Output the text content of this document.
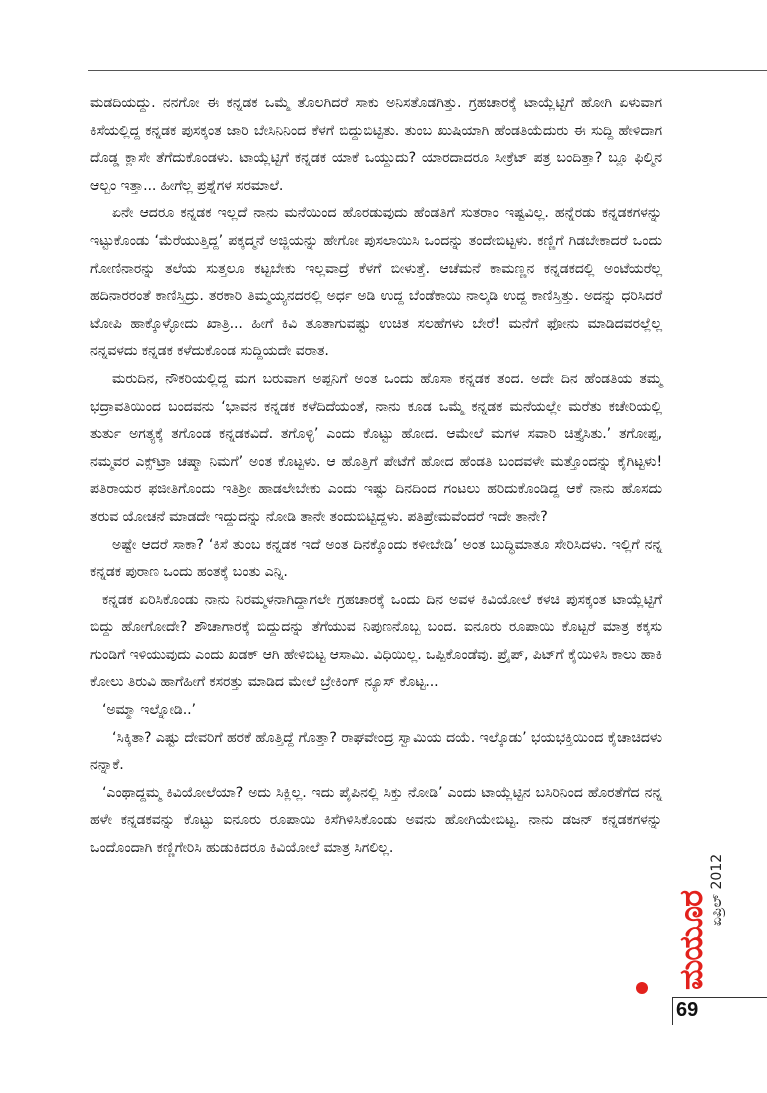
ಮಡದಿಯದ್ದು. ನನಗೋ ಈ ಕನ್ನಡಕ ಒಮ್ಮೆ ತೊಲಗಿದರೆ ಸಾಕು ಅನಿಸತೊಡಗಿತ್ತು. ಗ್ರಹಚಾರಕ್ಕೆ ಟಾಯ್ಲೆಟ್ಟಿಗೆ ಹೋಗಿ ಏಳುವಾಗ ಕಿಸೆಯಲ್ಲಿದ್ದ ಕನ್ನಡಕ ಪುಸಕ್ಕಂತ ಜಾರಿ ಬೇಸಿನಿನಿಂದ ಕೆಳಗೆ ಬಿದ್ದುಬಿಟ್ಟಿತು. ತುಂಬ ಖುಷಿಯಾಗಿ ಹೆಂಡತಿಯೆದುರು ಈ ಸುದ್ದಿ ಹೇಳಿದಾಗ ದೊಡ್ಡ ಕ್ಲಾಸೇ ತೆಗೆದುಕೊಂಡಳು. ಟಾಯ್ಲೆಟ್ಟಿಗೆ ಕನ್ನಡಕ ಯಾಕೆ ಒಯ್ದುದು? ಯಾರದಾದರೂ ಸೀಕ್ರೆಟ್ ಪತ್ರ ಬಂದಿತ್ತಾ? ಬ್ಲೂ ಫಿಲ್ಮಿನ ಆಲ್ಬಂ ಇತ್ತಾ... ಹೀಗೆಲ್ಲ ಪ್ರಶ್ನೆಗಳ ಸರಮಾಲೆ.

ಏನೇ ಆದರೂ ಕನ್ನಡಕ ಇಲ್ಲದೆ ನಾನು ಮನೆಯಿಂದ ಹೊರಡುವುದು ಹೆಂಡತಿಗೆ ಸುತರಾಂ ಇಷ್ಟವಿಲ್ಲ. ಹನ್ನೆರಡು ಕನ್ನಡಕಗಳನ್ನು ಇಟ್ಟುಕೊಂಡು ‘ಮೆರೆಯುತ್ತಿದ್ದ’ ಪಕ್ಕದ್ಮನೆ ಅಜ್ಜಿಯನ್ನು ಹೇಗೋ ಪುಸಲಾಯಿಸಿ ಒಂದನ್ನು ತಂದೇಬಿಟ್ಟಳು. ಕಣ್ಣಿಗೆ ಗಿಡಬೇಕಾದರೆ ಒಂದು ಗೋಣಿನಾರನ್ನು ತಲೆಯ ಸುತ್ತಲೂ ಕಟ್ಟಬೇಕು ಇಲ್ಲವಾದ್ರೆ ಕೆಳಗೆ ಬೀಳುತ್ತೆ. ಆಚೆಮನೆ ಕಾಮಣ್ಣನ ಕನ್ನಡಕದಲ್ಲಿ ಅಂಟೆಯರೆಲ್ಲ ಹದಿನಾರರಂತೆ ಕಾಣಿಸ್ತಿದ್ರು. ತರಕಾರಿ ತಿಮ್ಮಯ್ಯನದರಲ್ಲಿ ಅರ್ಧ ಅಡಿ ಉದ್ದ ಬೆಂಡೆಕಾಯಿ ನಾಲ್ಕಡಿ ಉದ್ದ ಕಾಣಿಸ್ತಿತ್ತು. ಅದನ್ನು ಧರಿಸಿದರೆ ಟೋಪಿ ಹಾಕ್ಕೊಳ್ಳೋದು ಖಾತ್ರಿ... ಹೀಗೆ ಕಿವಿ ತೂತಾಗುವಷ್ಟು ಉಚಿತ ಸಲಹೆಗಳು ಬೇರೆ! ಮನೆಗೆ ಫೋನು ಮಾಡಿದವರಲ್ಲೆಲ್ಲ ನನ್ನವಳದು ಕನ್ನಡಕ ಕಳೆದುಕೊಂಡ ಸುದ್ದಿಯದೇ ವರಾತ.

ಮರುದಿನ, ನೌಕರಿಯಲ್ಲಿದ್ದ ಮಗ ಬರುವಾಗ ಅಪ್ಪನಿಗೆ ಅಂತ ಒಂದು ಹೊಸಾ ಕನ್ನಡಕ ತಂದ. ಅದೇ ದಿನ ಹೆಂಡತಿಯ ತಮ್ಮ ಭದ್ರಾವತಿಯಿಂದ ಬಂದವನು ‘ಭಾವನ ಕನ್ನಡಕ ಕಳೆದಿದೆಯಂತೆ, ನಾನು ಕೂಡ ಒಮ್ಮೆ ಕನ್ನಡಕ ಮನೆಯಲ್ಲೇ ಮರೆತು ಕಚೇರಿಯಲ್ಲಿ ತುರ್ತು ಅಗತ್ಯಕ್ಕೆ ತಗೊಂಡ ಕನ್ನಡಕವಿದೆ. ತಗೊಳ್ಳಿ’ ಎಂದು ಕೊಟ್ಟು ಹೋದ. ಆಮೇಲೆ ಮಗಳ ಸವಾರಿ ಚಿತ್ತೈಸಿತು.’ ತಗೋಪ್ಪ, ನಮ್ಮವರ ಎಕ್ಸ್‌ಟ್ರಾ ಚಷ್ಮಾ ನಿಮಗೆ’ ಅಂತ ಕೊಟ್ಟಳು. ಆ ಹೊತ್ತಿಗೆ ಪೇಟೆಗೆ ಹೋದ ಹೆಂಡತಿ ಬಂದವಳೇ ಮತ್ತೊಂದನ್ನು ಕೈಗಿಟ್ಟಳು! ಪತಿರಾಯರ ಫಜೀತಿಗೊಂದು ಇತಿಶ್ರೀ ಹಾಡಲೇಬೇಕು ಎಂದು ಇಷ್ಟು ದಿನದಿಂದ ಗಂಟಲು ಹರಿದುಕೊಂಡಿದ್ದ ಆಕೆ ನಾನು ಹೊಸದು ತರುವ ಯೋಚನೆ ಮಾಡದೇ ಇದ್ದುದನ್ನು ನೋಡಿ ತಾನೇ ತಂದುಬಿಟ್ಟಿದ್ದಳು. ಪತಿಪ್ರೇಮವೆಂದರೆ ಇದೇ ತಾನೇ?

ಅಷ್ಟೇ ಆದರೆ ಸಾಕಾ? ‘ಕಿಸೆ ತುಂಬ ಕನ್ನಡಕ ಇದೆ ಅಂತ ದಿನಕ್ಕೊಂದು ಕಳೀಬೇಡಿ’ ಅಂತ ಬುದ್ಧಿಮಾತೂ ಸೇರಿಸಿದಳು. ಇಲ್ಲಿಗೆ ನನ್ನ ಕನ್ನಡಕ ಪುರಾಣ ಒಂದು ಹಂತಕ್ಕೆ ಬಂತು ಎನ್ನಿ.

ಕನ್ನಡಕ ಏರಿಸಿಕೊಂಡು ನಾನು ನಿರಮ್ಮಳನಾಗಿದ್ದಾಗಲೇ ಗ್ರಹಚಾರಕ್ಕೆ ಒಂದು ದಿನ ಅವಳ ಕಿವಿಯೋಲೆ ಕಳಚಿ ಪುಸಕ್ಕಂತ ಟಾಯ್ಲೆಟ್ಟಿಗೆ ಬಿದ್ದು ಹೋಗೋದೇ? ಶೌಚಾಗಾರಕ್ಕೆ ಬಿದ್ದುದನ್ನು ತೆಗೆಯುವ ನಿಪುಣನೊಬ್ಬ ಬಂದ. ಐನೂರು ರೂಪಾಯಿ ಕೊಟ್ಟರೆ ಮಾತ್ರ ಕಕ್ಕಸು ಗುಂಡಿಗೆ ಇಳಿಯುವುದು ಎಂದು ಖಡಕ್ ಆಗಿ ಹೇಳಿಬಿಟ್ಟ ಆಸಾಮಿ. ವಿಧಿಯಿಲ್ಲ. ಒಪ್ಪಿಕೊಂಡೆವು. ಪ್ರೈಪ್, ಪಿಟ್‌ಗೆ ಕೈಯಿಳಿಸಿ ಕಾಲು ಹಾಕಿ ಕೋಲು ತಿರುವಿ ಹಾಗೆಹೀಗೆ ಕಸರತ್ತು ಮಾಡಿದ ಮೇಲೆ ಬ್ರೇಕಿಂಗ್ ನ್ಯೂಸ್ ಕೊಟ್ಟ...

‘ಅಮ್ಮಾ ಇಲ್ನೋಡಿ..’

‘ಸಿಕ್ಕಿತಾ? ಎಷ್ಟು ದೇವರಿಗೆ ಹರಕೆ ಹೊತ್ತಿದ್ದೆ ಗೊತ್ತಾ? ರಾಘವೇಂದ್ರ ಸ್ವಾಮಿಯ ದಯೆ. ಇಲ್ಕೊಡು’ ಭಯಭಕ್ತಿಯಿಂದ ಕೈಚಾಚಿದಳು ನನ್ನಾಕೆ.

‘ಎಂಥಾದ್ದಮ್ಮ ಕಿವಿಯೋಲೆಯಾ? ಅದು ಸಿಕ್ಲಿಲ್ಲ. ಇದು ಪೈಪಿನಲ್ಲಿ ಸಿಕ್ತು ನೋಡಿ’ ಎಂದು ಟಾಯ್ಲೆಟ್ಟಿನ ಬಸಿರಿನಿಂದ ಹೊರತೆಗೆದ ನನ್ನ ಹಳೇ ಕನ್ನಡಕವನ್ನು ಕೊಟ್ಟು ಐನೂರು ರೂಪಾಯಿ ಕಿಸೆಗಿಳಿಸಿಕೊಂಡು ಅವನು ಹೋಗಿಯೇಬಿಟ್ಟ. ನಾನು ಡಜನ್ ಕನ್ನಡಕಗಳನ್ನು ಒಂದೊಂದಾಗಿ ಕಣ್ಣಿಗೇರಿಸಿ ಹುಡುಕಿದರೂ ಕಿವಿಯೋಲೆ ಮಾತ್ರ ಸಿಗಲಿಲ್ಲ.

ಏಪ್ರಿಲ್ 2012
ಮಯೂರ
69
